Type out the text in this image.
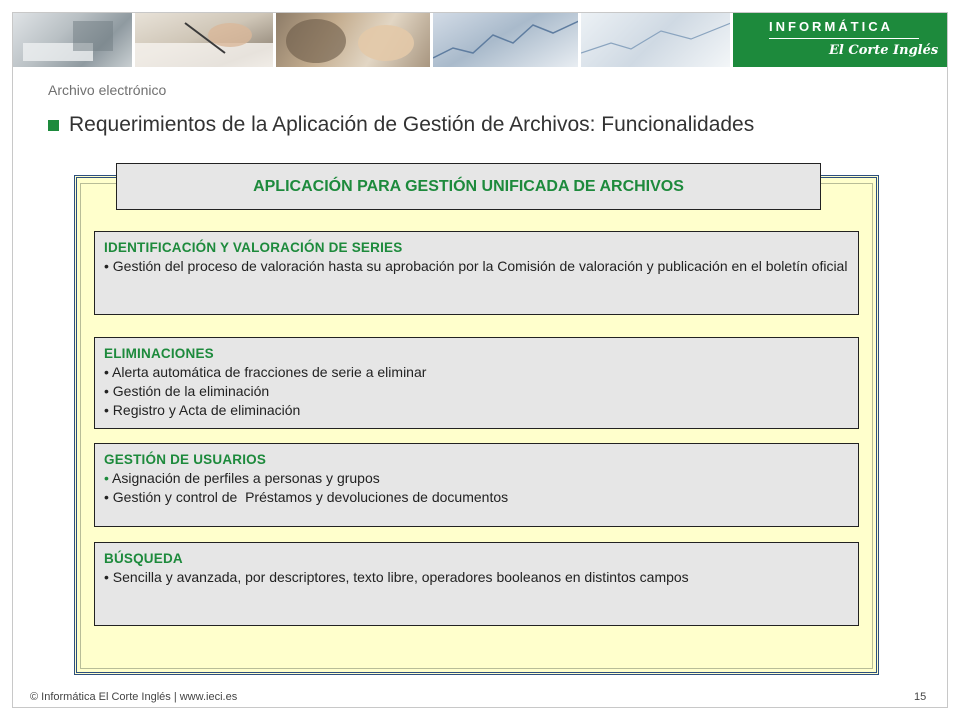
INFORMÁTICA
El Corte Inglés
Archivo electrónico
Requerimientos de la Aplicación de Gestión de Archivos: Funcionalidades
APLICACIÓN PARA GESTIÓN UNIFICADA DE ARCHIVOS
IDENTIFICACIÓN Y VALORACIÓN DE SERIES
• Gestión del proceso de valoración hasta su aprobación por la Comisión de valoración y publicación en el boletín oficial
ELIMINACIONES
• Alerta automática de fracciones de serie a eliminar
• Gestión de la eliminación
• Registro y Acta de eliminación
GESTIÓN DE USUARIOS
• Asignación de perfiles a personas y grupos
• Gestión y control de  Préstamos y devoluciones de documentos
BÚSQUEDA
• Sencilla y avanzada, por descriptores, texto libre, operadores booleanos en distintos campos
© Informática El Corte Inglés | www.ieci.es	15
